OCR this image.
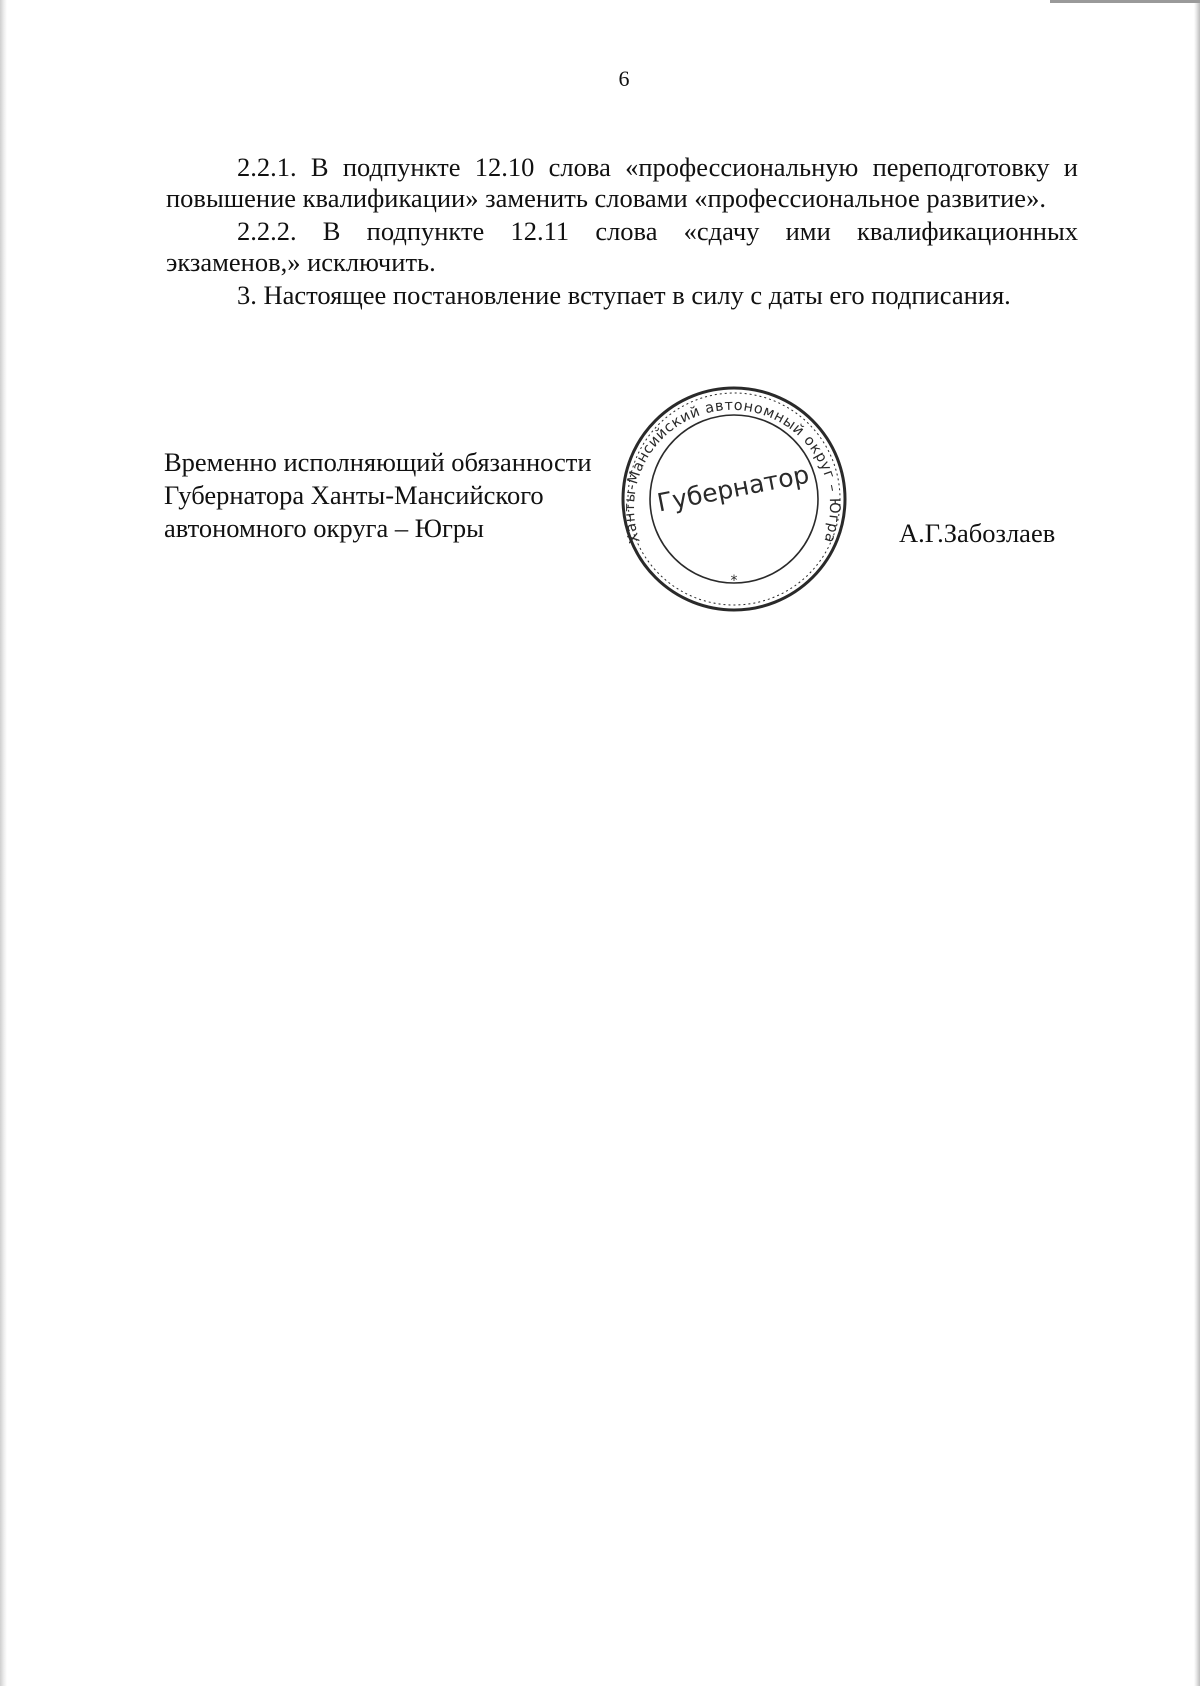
6

2.2.1. В подпункте 12.10 слова «профессиональную переподготовку и повышение квалификации» заменить словами «профессиональное развитие».

2.2.2. В подпункте 12.11 слова «сдачу ими квалификационных экзаменов,» исключить.

3. Настоящее постановление вступает в силу с даты его подписания.

Временно исполняющий обязанности
Губернатора Ханты-Мансийского
автономного округа – Югры	Ханты-Мансийский автономный округ – Югра
Губернатор
*
А.Г.Забозлаев
